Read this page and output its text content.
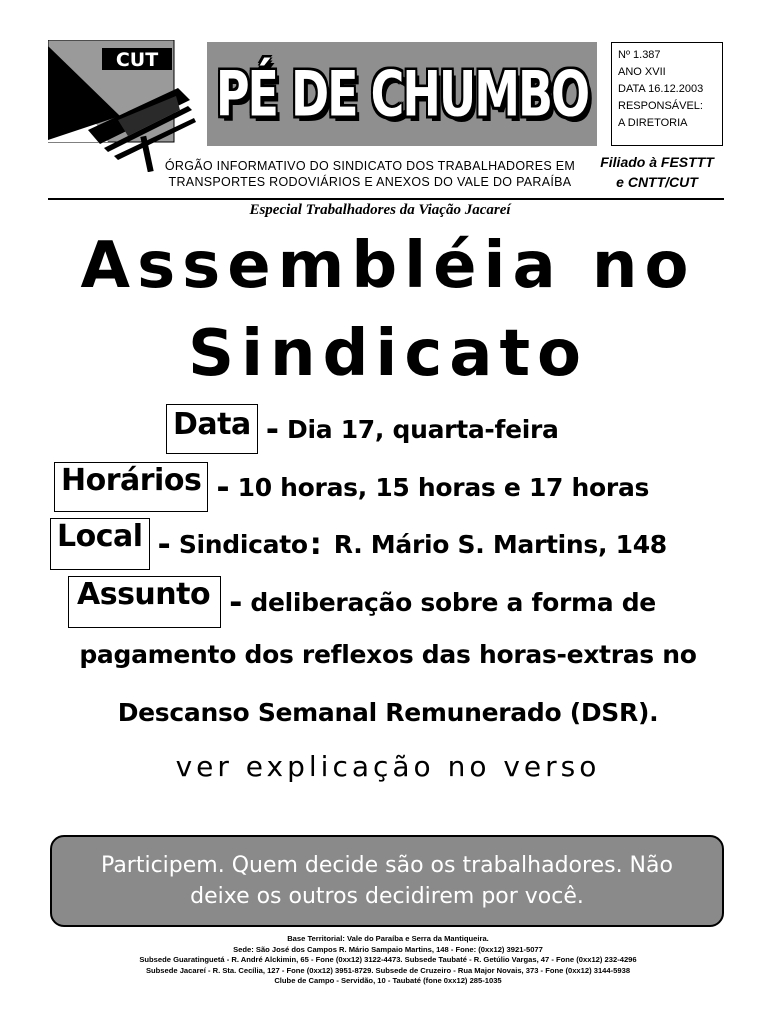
CUT PÉ DE CHUMBO
Nº 1.387
ANO XVII
DATA 16.12.2003
RESPONSÁVEL:
A DIRETORIA
ÓRGÃO INFORMATIVO DO SINDICATO DOS TRABALHADORES EM
TRANSPORTES RODOVIÁRIOS E ANEXOS DO VALE DO PARAÍBA
Filiado à FESTTT
e CNTT/CUT
Especial Trabalhadores da Viação Jacareí
Assembléia no
Sindicato
Data - Dia 17, quarta-feira
Horários - 10 horas, 15 horas e 17 horas
Local - Sindicato : R. Mário S. Martins, 148
Assunto - deliberação sobre a forma de
pagamento dos reflexos das horas-extras no
Descanso Semanal Remunerado (DSR).
ver explicação no verso
Participem. Quem decide são os trabalhadores. Não
deixe os outros decidirem por você.
Base Territorial: Vale do Paraíba e Serra da Mantiqueira.
Sede: São José dos Campos R. Mário Sampaio Martins, 148 - Fone: (0xx12) 3921-5077
Subsede Guaratinguetá - R. André Alckimin, 65 - Fone (0xx12) 3122-4473. Subsede Taubaté - R. Getúlio Vargas, 47 - Fone (0xx12) 232-4296
Subsede Jacareí - R. Sta. Cecília, 127 - Fone (0xx12) 3951-8729. Subsede de Cruzeiro - Rua Major Novais, 373 - Fone (0xx12) 3144-5938
Clube de Campo - Servidão, 10 - Taubaté (fone 0xx12) 285-1035
